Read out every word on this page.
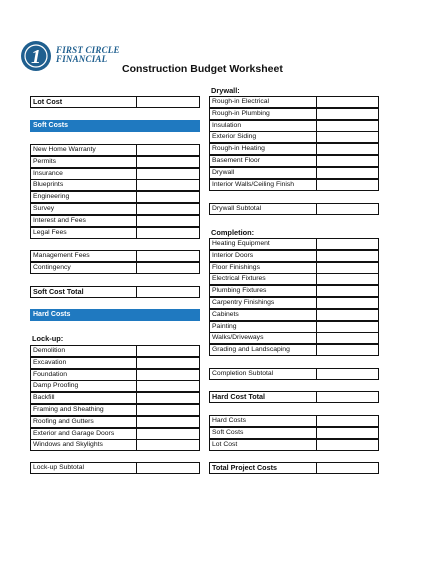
1 FIRST CIRCLE
FINANCIAL
Construction Budget Worksheet
Lot Cost
Soft Costs
New Home Warranty
Permits
Insurance
Blueprints
Engineering
Survey
Interest and Fees
Legal Fees
Management Fees
Contingency
Soft Cost Total
Hard Costs
Lock-up:
Demolition
Excavation
Foundation
Damp Proofing
Backfill
Framing and Sheathing
Roofing and Gutters
Exterior and Garage Doors
Windows and Skylights
Lock-up Subtotal
Drywall:
Rough-in Electrical
Rough-in Plumbing
Insulation
Exterior Siding
Rough-in Heating
Basement Floor
Drywall
Interior Walls/Ceiling Finish
Drywall Subtotal
Completion:
Heating Equipment
Interior Doors
Floor Finishings
Electrical Fixtures
Plumbing Fixtures
Carpentry Finishings
Cabinets
Painting
Walks/Driveways
Grading and Landscaping
Completion Subtotal
Hard Cost Total
Hard Costs
Soft Costs
Lot Cost
Total Project Costs
